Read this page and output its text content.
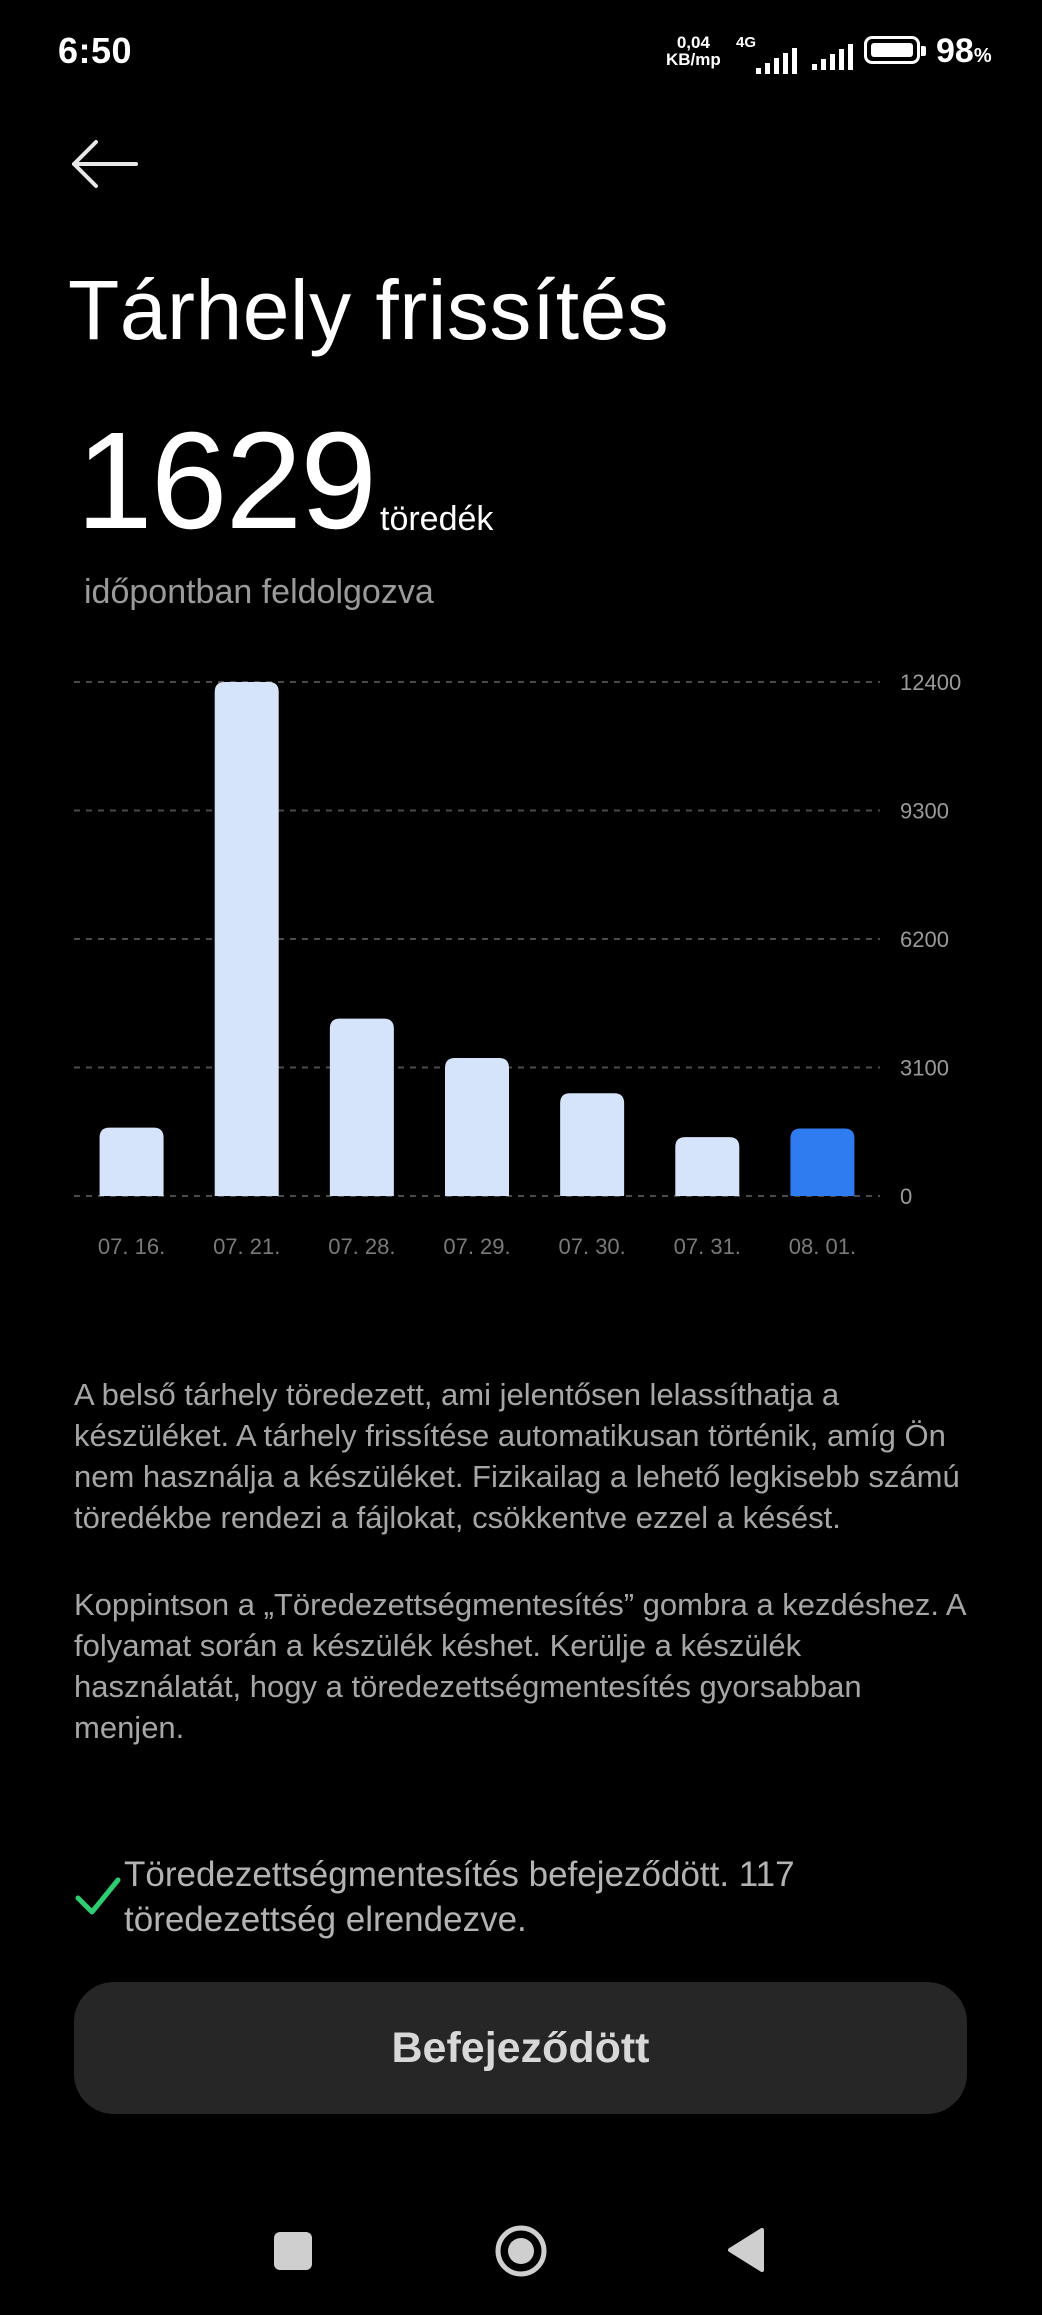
6:50	0,04
KB/mp
4G	98%
Tárhely frissítés
1629 töredék
időpontban feldolgozva
0
3100
6200
9300
12400
07. 16. 07. 21. 07. 28. 07. 29. 07. 30. 07. 31. 08. 01.
A belső tárhely töredezett, ami jelentősen lelassíthatja a készüléket. A tárhely frissítése automatikusan történik, amíg Ön nem használja a készüléket. Fizikailag a lehető legkisebb számú töredékbe rendezi a fájlokat, csökkentve ezzel a késést.
Koppintson a „Töredezettségmentesítés” gombra a kezdéshez. A folyamat során a készülék késhet. Kerülje a készülék használatát, hogy a töredezettségmentesítés gyorsabban menjen.
Töredezettségmentesítés befejeződött. 117 töredezettség elrendezve.
Befejeződött
